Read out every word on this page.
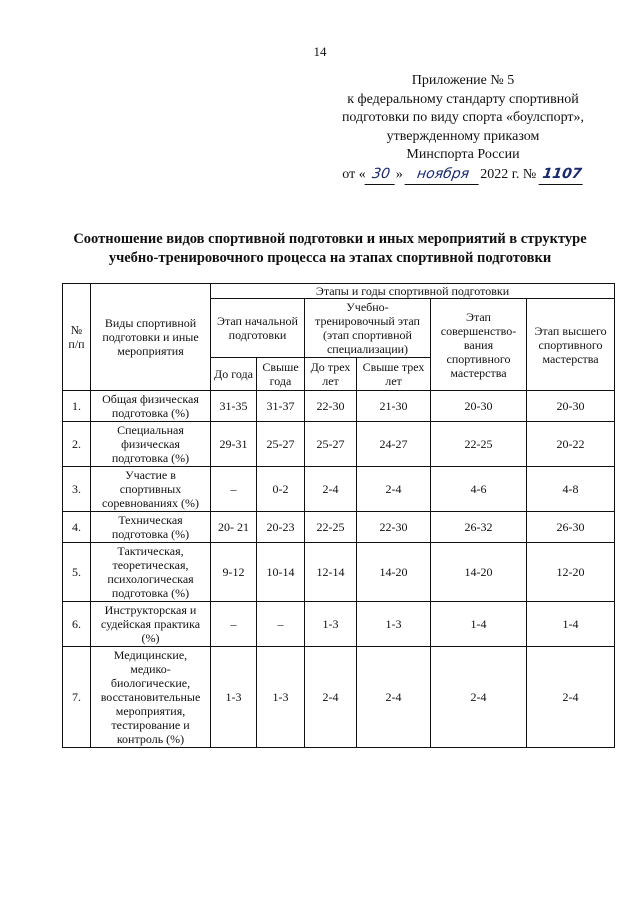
14
Приложение № 5
к федеральному стандарту спортивной
подготовки по виду спорта «боулспорт»,
утвержденному приказом
Минспорта России
от « 30 » ноября 2022 г. № 1107
Соотношение видов спортивной подготовки и иных мероприятий в структуре
учебно-тренировочного процесса на этапах спортивной подготовки
№ п/п	Виды спортивной подготовки и иные мероприятия	Этапы и годы спортивной подготовки					
		Этап начальной подготовки		Учебно-тренировочный этап (этап спортивной специализации)		Этап совершенство-вания спортивного мастерства	Этап высшего спортивного мастерства
		До года	Свыше года	До трех лет	Свыше трех лет		
1.	Общая физическая подготовка (%)	31-35	31-37	22-30	21-30	20-30	20-30
2.	Специальная физическая подготовка (%)	29-31	25-27	25-27	24-27	22-25	20-22
3.	Участие в спортивных соревнованиях (%)	–	0-2	2-4	2-4	4-6	4-8
4.	Техническая подготовка (%)	20- 21	20-23	22-25	22-30	26-32	26-30
5.	Тактическая, теоретическая, психологическая подготовка (%)	9-12	10-14	12-14	14-20	14-20	12-20
6.	Инструкторская и судейская практика (%)	–	–	1-3	1-3	1-4	1-4
7.	Медицинские, медико-биологические, восстановительные мероприятия, тестирование и контроль (%)	1-3	1-3	2-4	2-4	2-4	2-4
